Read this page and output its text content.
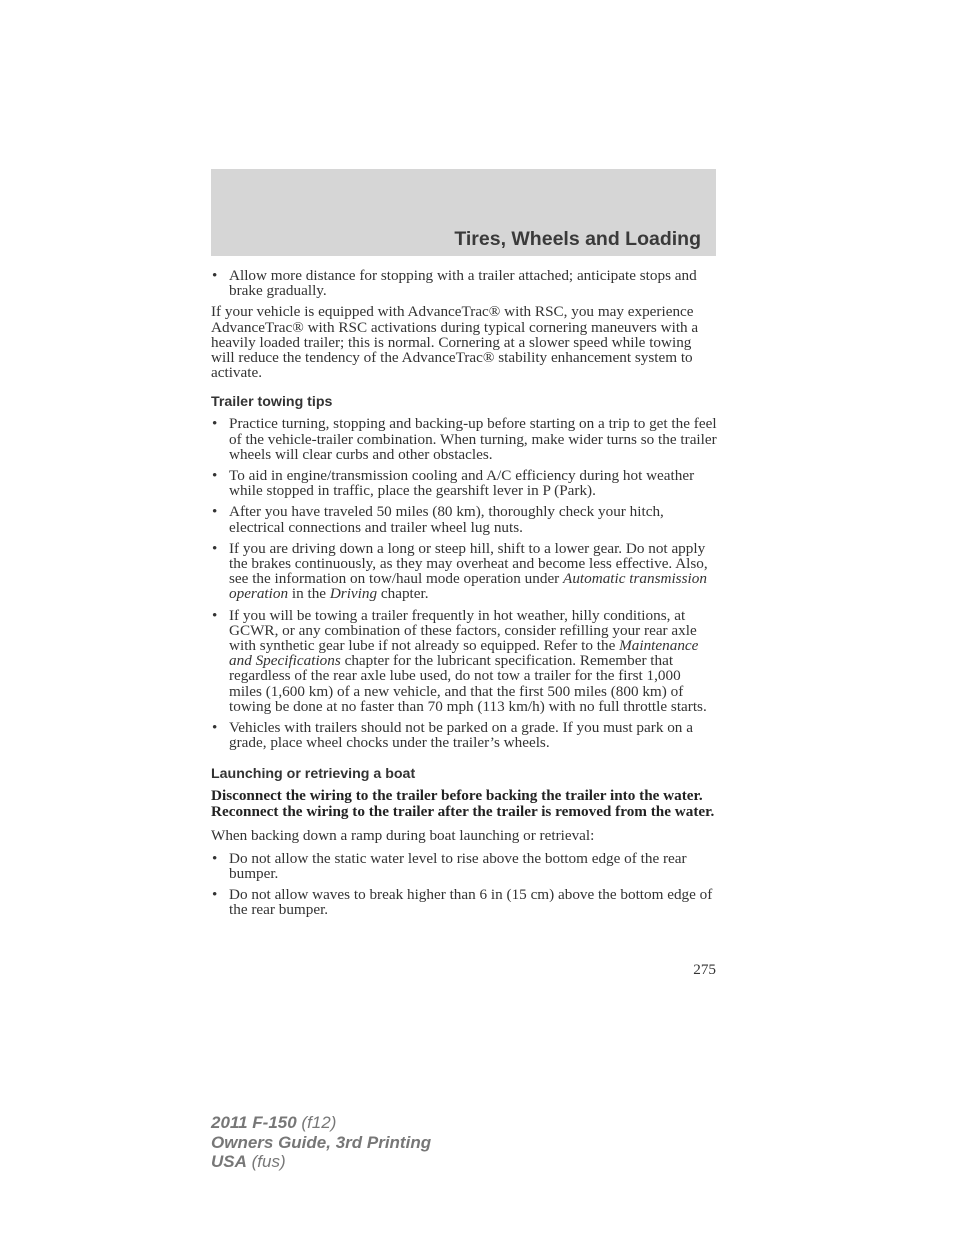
Tires, Wheels and Loading
• Allow more distance for stopping with a trailer attached; anticipate stops and brake gradually.

If your vehicle is equipped with AdvanceTrac® with RSC, you may experience AdvanceTrac® with RSC activations during typical cornering maneuvers with a heavily loaded trailer; this is normal. Cornering at a slower speed while towing will reduce the tendency of the AdvanceTrac® stability enhancement system to activate.

Trailer towing tips
• Practice turning, stopping and backing-up before starting on a trip to get the feel of the vehicle-trailer combination. When turning, make wider turns so the trailer wheels will clear curbs and other obstacles.
• To aid in engine/transmission cooling and A/C efficiency during hot weather while stopped in traffic, place the gearshift lever in P (Park).
• After you have traveled 50 miles (80 km), thoroughly check your hitch, electrical connections and trailer wheel lug nuts.
• If you are driving down a long or steep hill, shift to a lower gear. Do not apply the brakes continuously, as they may overheat and become less effective. Also, see the information on tow/haul mode operation under Automatic transmission operation in the Driving chapter.
• If you will be towing a trailer frequently in hot weather, hilly conditions, at GCWR, or any combination of these factors, consider refilling your rear axle with synthetic gear lube if not already so equipped. Refer to the Maintenance and Specifications chapter for the lubricant specification. Remember that regardless of the rear axle lube used, do not tow a trailer for the first 1,000 miles (1,600 km) of a new vehicle, and that the first 500 miles (800 km) of towing be done at no faster than 70 mph (113 km/h) with no full throttle starts.
• Vehicles with trailers should not be parked on a grade. If you must park on a grade, place wheel chocks under the trailer’s wheels.
Launching or retrieving a boat

Disconnect the wiring to the trailer before backing the trailer into the water. Reconnect the wiring to the trailer after the trailer is removed from the water.

When backing down a ramp during boat launching or retrieval:

• Do not allow the static water level to rise above the bottom edge of the rear bumper.
• Do not allow waves to break higher than 6 in (15 cm) above the bottom edge of the rear bumper.
275
2011 F-150 (f12)
Owners Guide, 3rd Printing
USA (fus)
